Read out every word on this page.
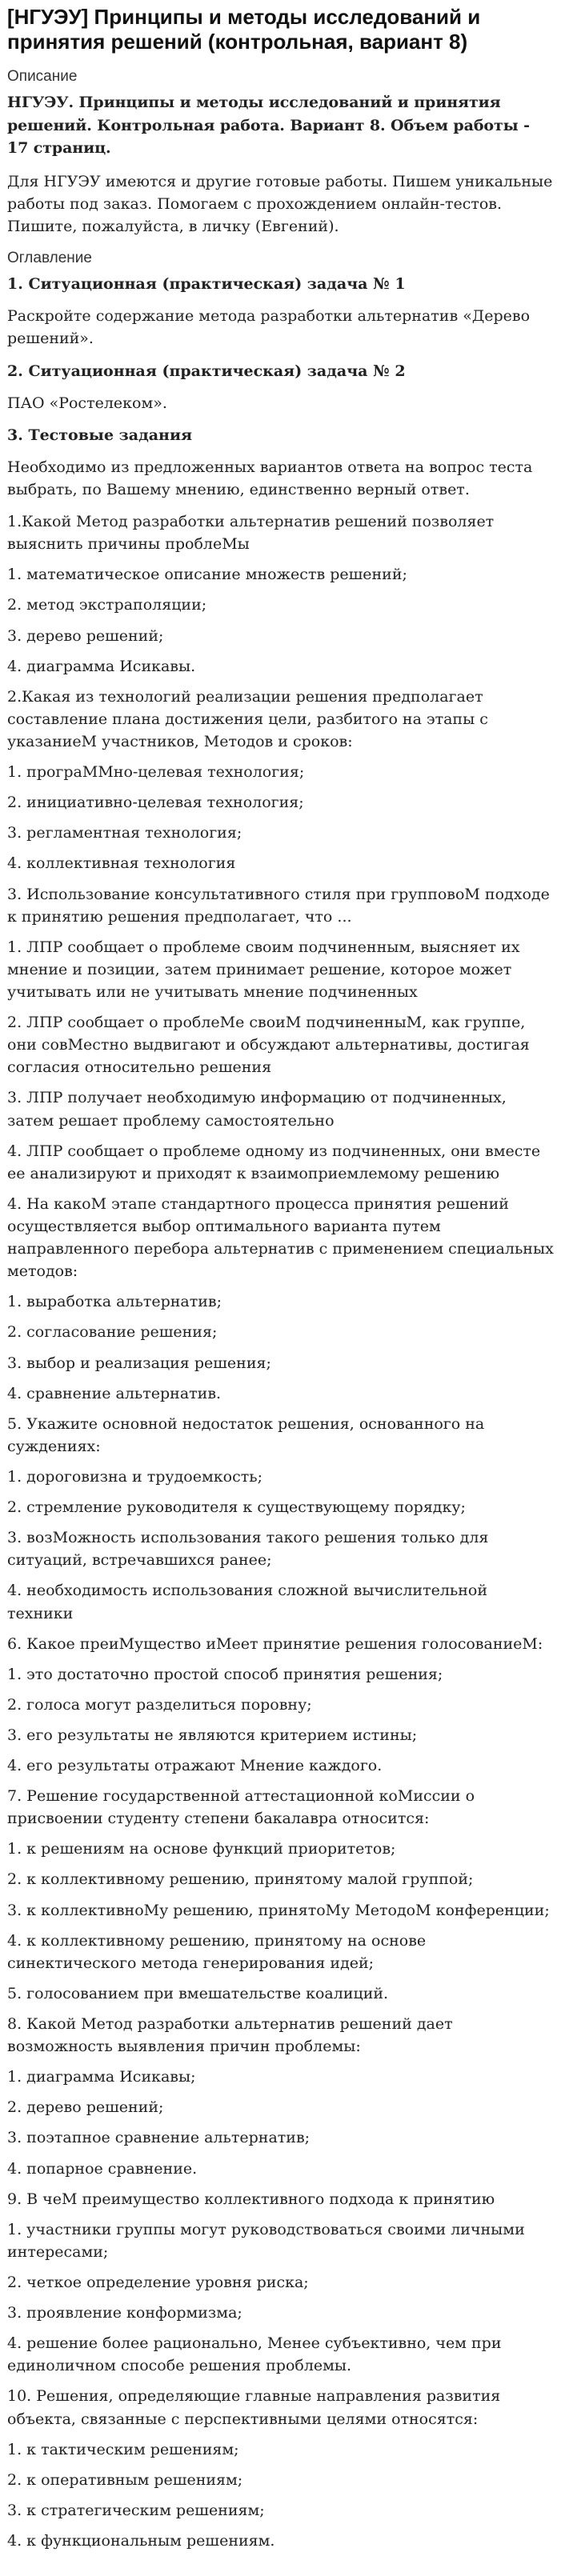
[НГУЭУ] Принципы и методы исследований и принятия решений (контрольная, вариант 8)
Описание

НГУЭУ. Принципы и методы исследований и принятия решений. Контрольная работа. Вариант 8. Объем работы - 17 страниц.

Для НГУЭУ имеются и другие готовые работы. Пишем уникальные работы под заказ. Помогаем с прохождением онлайн-тестов. Пишите, пожалуйста, в личку (Евгений).

Оглавление

1. Ситуационная (практическая) задача № 1

Раскройте содержание метода разработки альтернатив «Дерево решений».

2. Ситуационная (практическая) задача № 2

ПАО «Ростелеком».

3. Тестовые задания

Необходимо из предложенных вариантов ответа на вопрос теста выбрать, по Вашему мнению, единственно верный ответ.

1.Какой Метод разработки альтернатив решений позволяет выяснить причины проблеМы

1. математическое описание множеств решений;

2. метод экстраполяции;

3. дерево решений;

4. диаграмма Исикавы.

2.Какая из технологий реализации решения предполагает составление плана достижения цели, разбитого на этапы с указаниеМ участников, Методов и сроков:

1. програММно-целевая технология;

2. инициативно-целевая технология;

3. регламентная технология;

4. коллективная технология

3. Использование консультативного стиля при групповоМ подходе к принятию решения предполагает, что ...

1. ЛПР сообщает о проблеме своим подчиненным, выясняет их мнение и позиции, затем принимает решение, которое может учитывать или не учитывать мнение подчиненных

2. ЛПР сообщает о проблеМе своиМ подчиненныМ, как группе, они совМестно выдвигают и обсуждают альтернативы, достигая согласия относительно решения

3. ЛПР получает необходимую информацию от подчиненных, затем решает проблему самостоятельно

4. ЛПР сообщает о проблеме одному из подчиненных, они вместе ее анализируют и приходят к взаимоприемлемому решению

4. На какоМ этапе стандартного процесса принятия решений осуществляется выбор оптимального варианта путем направленного перебора альтернатив с применением специальных методов:

1. выработка альтернатив;

2. согласование решения;

3. выбор и реализация решения;

4. сравнение альтернатив.

5. Укажите основной недостаток решения, основанного на суждениях:

1. дороговизна и трудоемкость;

2. стремление руководителя к существующему порядку;

3. возМожность использования такого решения только для ситуаций, встречавшихся ранее;

4. необходимость использования сложной вычислительной техники

6. Какое преиМущество иМеет принятие решения голосованиеМ:

1. это достаточно простой способ принятия решения;

2. голоса могут разделиться поровну;

3. его результаты не являются критерием истины;

4. его результаты отражают Мнение каждого.

7. Решение государственной аттестационной коМиссии о присвоении студенту степени бакалавра относится:

1. к решениям на основе функций приоритетов;

2. к коллективному решению, принятому малой группой;

3. к коллективноМу решению, принятоМу МетодоМ конференции;

4. к коллективному решению, принятому на основе синектического метода генерирования идей;

5. голосованием при вмешательстве коалиций.

8. Какой Метод разработки альтернатив решений дает возможность выявления причин проблемы:

1. диаграмма Исикавы;

2. дерево решений;

3. поэтапное сравнение альтернатив;

4. попарное сравнение.

9. В чеМ преимущество коллективного подхода к принятию

1. участники группы могут руководствоваться своими личными интересами;

2. четкое определение уровня риска;

3. проявление конформизма;

4. решение более рационально, Менее субъективно, чем при единоличном способе решения проблемы.

10. Решения, определяющие главные направления развития объекта, связанные с перспективными целями относятся:

1. к тактическим решениям;

2. к оперативным решениям;

3. к стратегическим решениям;

4. к функциональным решениям.
